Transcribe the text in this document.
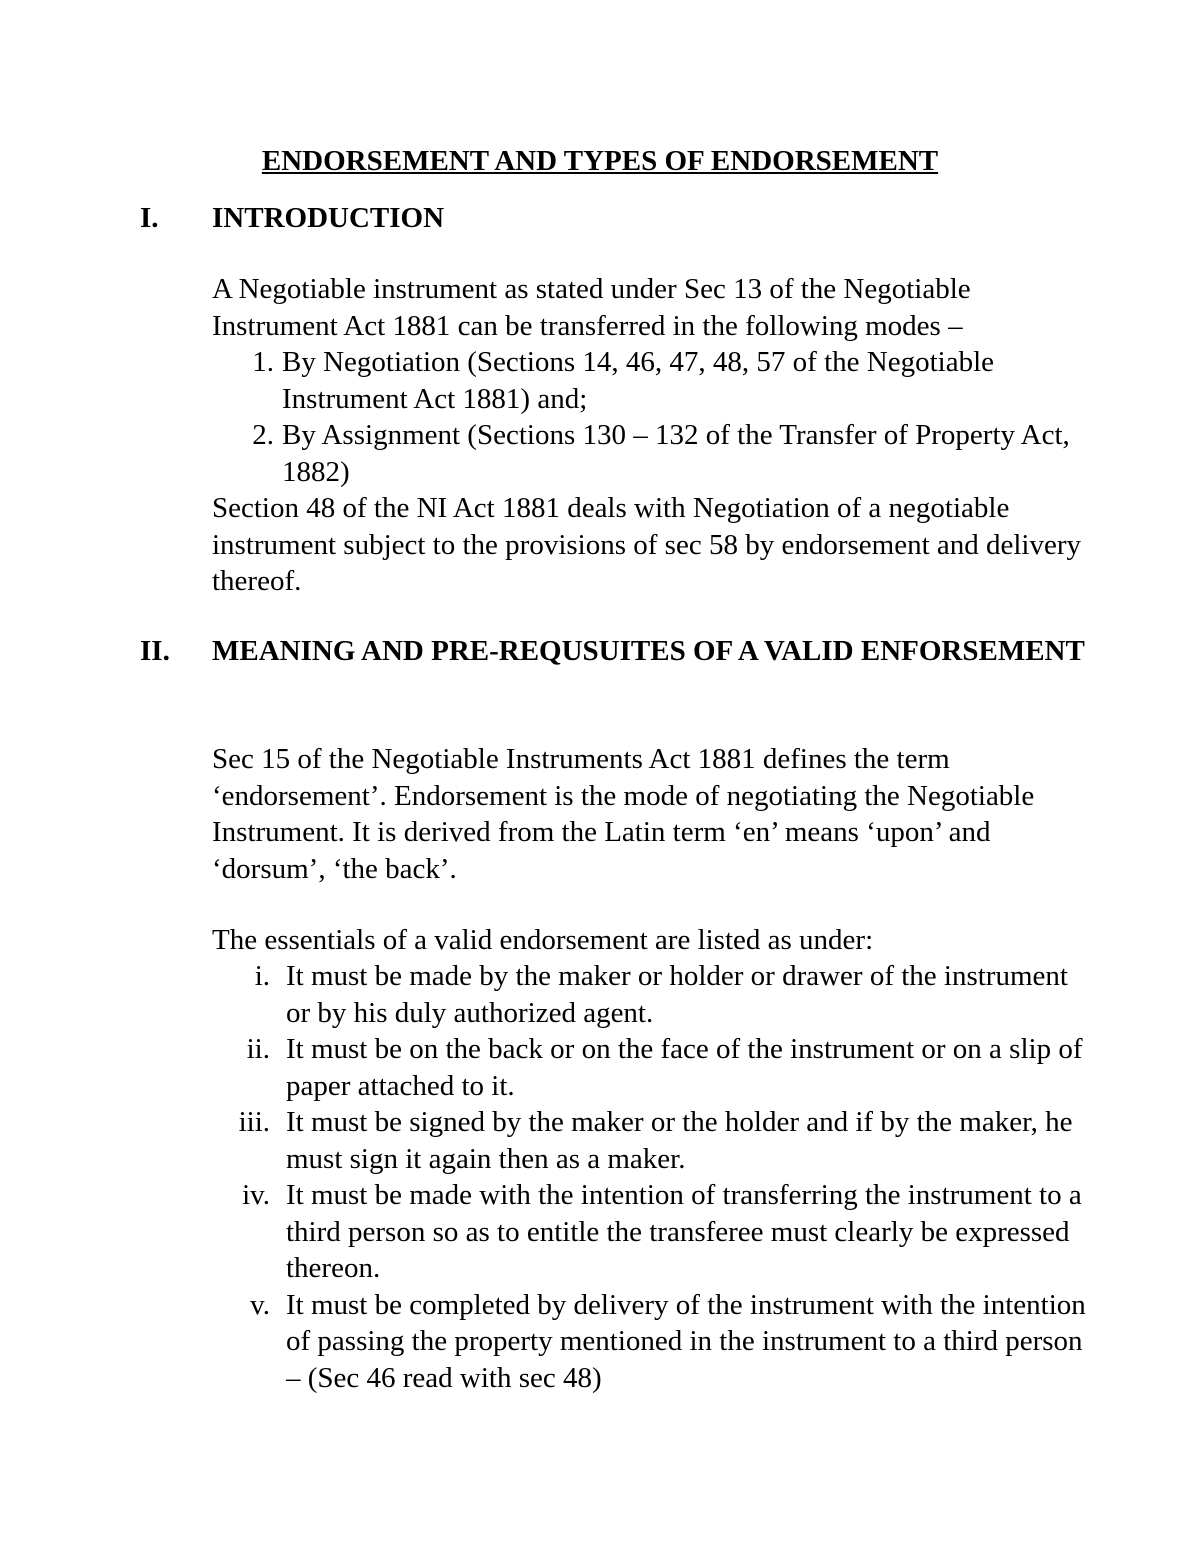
ENDORSEMENT AND TYPES OF ENDORSEMENT
I. INTRODUCTION
A Negotiable instrument as stated under Sec 13 of the Negotiable Instrument Act 1881 can be transferred in the following modes –
1. By Negotiation (Sections 14, 46, 47, 48, 57 of the Negotiable Instrument Act 1881) and;
2. By Assignment (Sections 130 – 132 of the Transfer of Property Act, 1882)
Section 48 of the NI Act 1881 deals with Negotiation of a negotiable instrument subject to the provisions of sec 58 by endorsement and delivery thereof.
II. MEANING AND PRE-REQUSUITES OF A VALID ENFORSEMENT
Sec 15 of the Negotiable Instruments Act 1881 defines the term ‘endorsement’. Endorsement is the mode of negotiating the Negotiable Instrument. It is derived from the Latin term ‘en’ means ‘upon’ and ‘dorsum’, ‘the back’.
The essentials of a valid endorsement are listed as under:
i. It must be made by the maker or holder or drawer of the instrument or by his duly authorized agent.
ii. It must be on the back or on the face of the instrument or on a slip of paper attached to it.
iii. It must be signed by the maker or the holder and if by the maker, he must sign it again then as a maker.
iv. It must be made with the intention of transferring the instrument to a third person so as to entitle the transferee must clearly be expressed thereon.
v. It must be completed by delivery of the instrument with the intention of passing the property mentioned in the instrument to a third person – (Sec 46 read with sec 48)
